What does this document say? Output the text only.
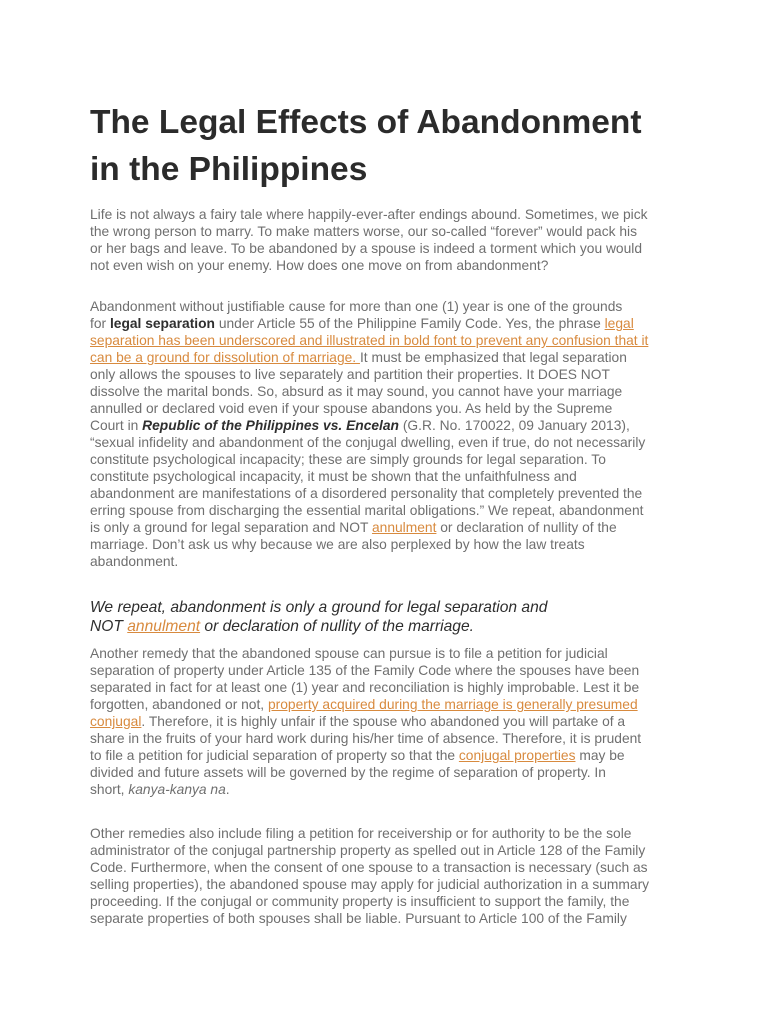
The Legal Effects of Abandonment
in the Philippines

Life is not always a fairy tale where happily-ever-after endings abound. Sometimes, we pick
the wrong person to marry. To make matters worse, our so-called “forever” would pack his
or her bags and leave. To be abandoned by a spouse is indeed a torment which you would
not even wish on your enemy. How does one move on from abandonment?

Abandonment without justifiable cause for more than one (1) year is one of the grounds
for legal separation under Article 55 of the Philippine Family Code. Yes, the phrase legal
separation has been underscored and illustrated in bold font to prevent any confusion that it
can be a ground for dissolution of marriage. It must be emphasized that legal separation
only allows the spouses to live separately and partition their properties. It DOES NOT
dissolve the marital bonds. So, absurd as it may sound, you cannot have your marriage
annulled or declared void even if your spouse abandons you. As held by the Supreme
Court in Republic of the Philippines vs. Encelan (G.R. No. 170022, 09 January 2013),
“sexual infidelity and abandonment of the conjugal dwelling, even if true, do not necessarily
constitute psychological incapacity; these are simply grounds for legal separation. To
constitute psychological incapacity, it must be shown that the unfaithfulness and
abandonment are manifestations of a disordered personality that completely prevented the
erring spouse from discharging the essential marital obligations.” We repeat, abandonment
is only a ground for legal separation and NOT annulment or declaration of nullity of the
marriage. Don’t ask us why because we are also perplexed by how the law treats
abandonment.

We repeat, abandonment is only a ground for legal separation and
NOT annulment or declaration of nullity of the marriage.

Another remedy that the abandoned spouse can pursue is to file a petition for judicial
separation of property under Article 135 of the Family Code where the spouses have been
separated in fact for at least one (1) year and reconciliation is highly improbable. Lest it be
forgotten, abandoned or not, property acquired during the marriage is generally presumed
conjugal. Therefore, it is highly unfair if the spouse who abandoned you will partake of a
share in the fruits of your hard work during his/her time of absence. Therefore, it is prudent
to file a petition for judicial separation of property so that the conjugal properties may be
divided and future assets will be governed by the regime of separation of property. In
short, kanya-kanya na.

Other remedies also include filing a petition for receivership or for authority to be the sole
administrator of the conjugal partnership property as spelled out in Article 128 of the Family
Code. Furthermore, when the consent of one spouse to a transaction is necessary (such as
selling properties), the abandoned spouse may apply for judicial authorization in a summary
proceeding. If the conjugal or community property is insufficient to support the family, the
separate properties of both spouses shall be liable. Pursuant to Article 100 of the Family
